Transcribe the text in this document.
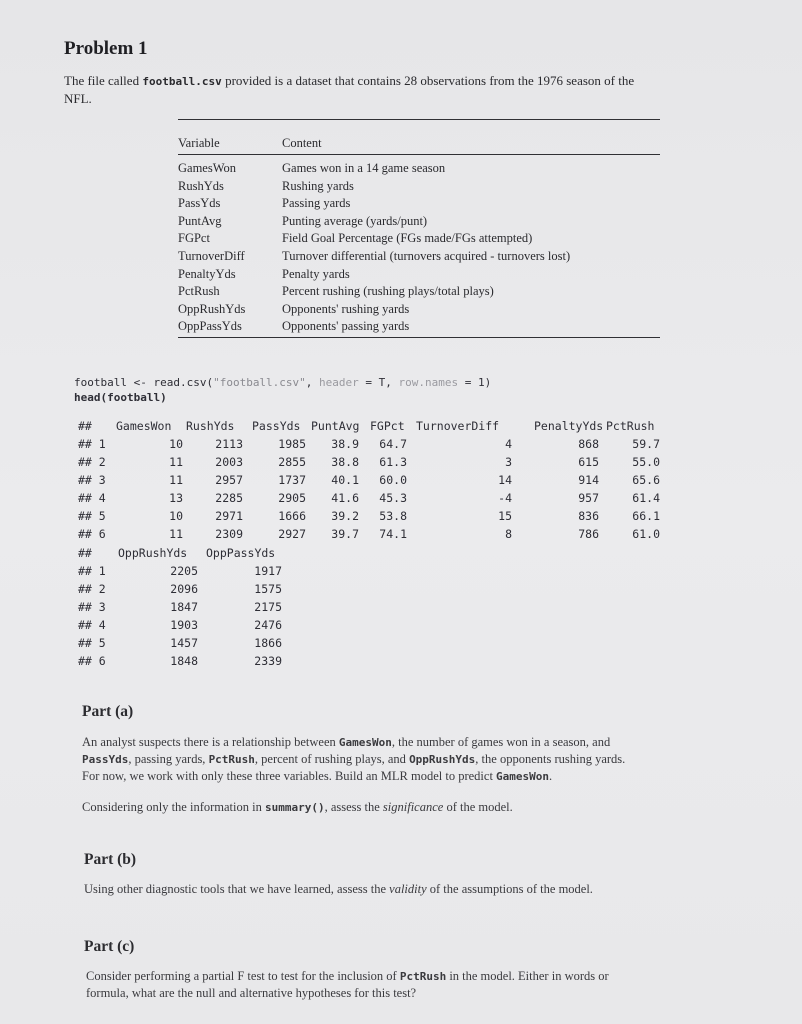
Problem 1
The file called football.csv provided is a dataset that contains 28 observations from the 1976 season of the
NFL.
Variable	Content
GamesWon	Games won in a 14 game season
RushYds	Rushing yards
PassYds	Passing yards
PuntAvg	Punting average (yards/punt)
FGPct	Field Goal Percentage (FGs made/FGs attempted)
TurnoverDiff	Turnover differential (turnovers acquired - turnovers lost)
PenaltyYds	Penalty yards
PctRush	Percent rushing (rushing plays/total plays)
OppRushYds	Opponents' rushing yards
OppPassYds	Opponents' passing yards
football <- read.csv("football.csv", header = T, row.names = 1)
head(football)
## GamesWon RushYds PassYds PuntAvg FGPct TurnoverDiff	PenaltyYds PctRush
## 1	10	2113	1985 38.9 64.7	4	868	59.7
## 2	11	2003	2855 38.8 61.3	3	615	55.0
## 3	11	2957	1737 40.1 60.0	14	914	65.6
## 4	13	2285	2905 41.6 45.3	-4	957	61.4
## 5	10	2971	1666 39.2 53.8	15	836	66.1
## 6	11	2309	2927 39.7 74.1	8	786	61.0
## OppRushYds OppPassYds
## 1	2205	1917
## 2	2096	1575
## 3	1847	2175
## 4	1903	2476
## 5	1457	1866
## 6	1848	2339
Part (a)
An analyst suspects there is a relationship between GamesWon, the number of games won in a season, and
PassYds, passing yards, PctRush, percent of rushing plays, and OppRushYds, the opponents rushing yards.
For now, we work with only these three variables. Build an MLR model to predict GamesWon.
Considering only the information in summary(), assess the significance of the model.
Part (b)
Using other diagnostic tools that we have learned, assess the validity of the assumptions of the model.
Part (c)
Consider performing a partial F test to test for the inclusion of PctRush in the model. Either in words or
formula, what are the null and alternative hypotheses for this test?
